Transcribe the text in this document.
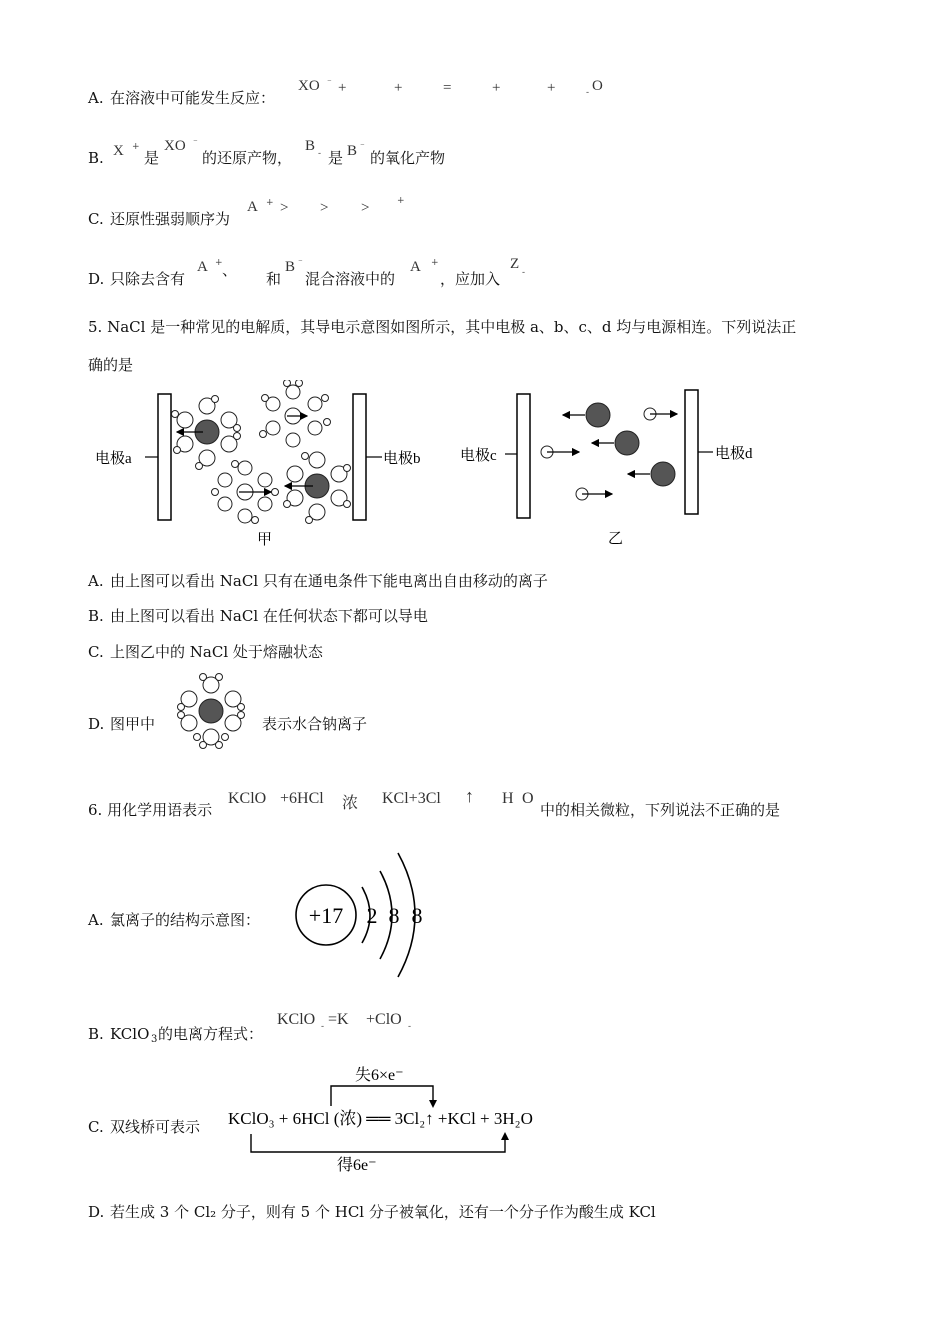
A. 在溶液中可能发生反应：
XO ⁻ +	+	=	+	+	- O
B. X +
是
XO ⁻
的还原产物，
B - 是 B ⁻
的氧化产物
C. 还原性强弱顺序为
A + > > >	+
D. 只除去含有
A + 、 和
B ⁻
混合溶液中的
A +
，应加入
Z
-
5. NaCl 是一种常见的电解质，其导电示意图如图所示，其中电极 a、b、c、d 均与电源相连。下列说法正
确的是
电极a	电极b
甲
电极c	电极d
乙
A. 由上图可以看出 NaCl 只有在通电条件下能电离出自由移动的离子
B. 由上图可以看出 NaCl 在任何状态下都可以导电
C. 上图乙中的 NaCl 处于熔融状态
D. 图甲中	表示水合钠离子
6. 用化学用语表示
KClO +6HCl 浓 KCl+3Cl ↑ H O
中的相关微粒，下列说法不正确的是
A. 氯离子的结构示意图： +17 2 8 8
B. KClO 3 的电离方程式：
KClO - =K +ClO -
C. 双线桥可表示
失6×e⁻
KClO₃ + 6HCl (浓) ══ 3Cl₂↑ +KCl + 3H₂O
得6e⁻
D. 若生成 3 个 Cl₂ 分子，则有 5 个 HCl 分子被氧化，还有一个分子作为酸生成 KCl
